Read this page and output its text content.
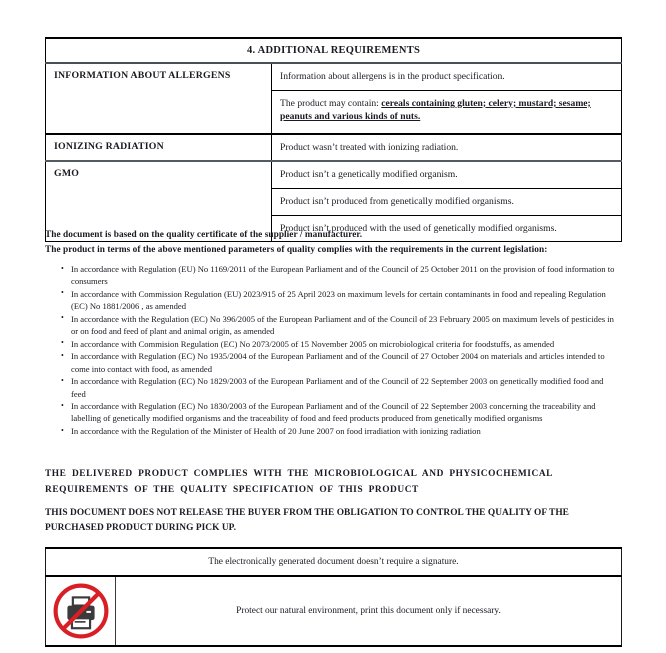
4. ADDITIONAL REQUIREMENTS	
INFORMATION ABOUT ALLERGENS	Information about allergens is in the product specification.
	The product may contain: cereals containing gluten; celery; mustard; sesame; peanuts and various kinds of nuts.
IONIZING RADIATION	Product wasn’t treated with ionizing radiation.
GMO	Product isn’t a genetically modified organism.
	Product isn’t produced from genetically modified organisms.
	Product isn’t produced with the used of genetically modified organisms.
The document is based on the quality certificate of the supplier / manufacturer.
The product in terms of the above mentioned parameters of quality complies with the requirements in the current legislation:
• In accordance with Regulation (EU) No 1169/2011 of the European Parliament and of the Council of 25 October 2011 on the provision of food information to consumers
• In accordance with Commission Regulation (EU) 2023/915 of 25 April 2023 on maximum levels for certain contaminants in food and repealing Regulation (EC) No 1881/2006 , as amended
• In accordance with the Regulation (EC) No 396/2005 of the European Parliament and of the Council of 23 February 2005 on maximum levels of pesticides in or on food and feed of plant and animal origin, as amended
• In accordance with Commision Regulation (EC) No 2073/2005 of 15 November 2005 on microbiological criteria for foodstuffs, as amended
• In accordance with Regulation (EC) No 1935/2004 of the European Parliament and of the Council of 27 October 2004 on materials and articles intended to come into contact with food, as amended
• In accordance with Regulation (EC) No 1829/2003 of the European Parliament and of the Council of 22 September 2003 on genetically modified food and feed
• In accordance with Regulation (EC) No 1830/2003 of the European Parliament and of the Council of 22 September 2003 concerning the traceability and labelling of genetically modified organisms and the traceability of food and feed products produced from genetically modified organisms
• In accordance with the Regulation of the Minister of Health of 20 June 2007 on food irradiation with ionizing radiation
THE DELIVERED PRODUCT COMPLIES WITH THE MICROBIOLOGICAL AND PHYSICOCHEMICAL
REQUIREMENTS OF THE QUALITY SPECIFICATION OF THIS PRODUCT
THIS DOCUMENT DOES NOT RELEASE THE BUYER FROM THE OBLIGATION TO CONTROL THE QUALITY OF THE PURCHASED PRODUCT DURING PICK UP.
The electronically generated document doesn’t require a signature.

	Protect our natural environment, print this document only if necessary.
